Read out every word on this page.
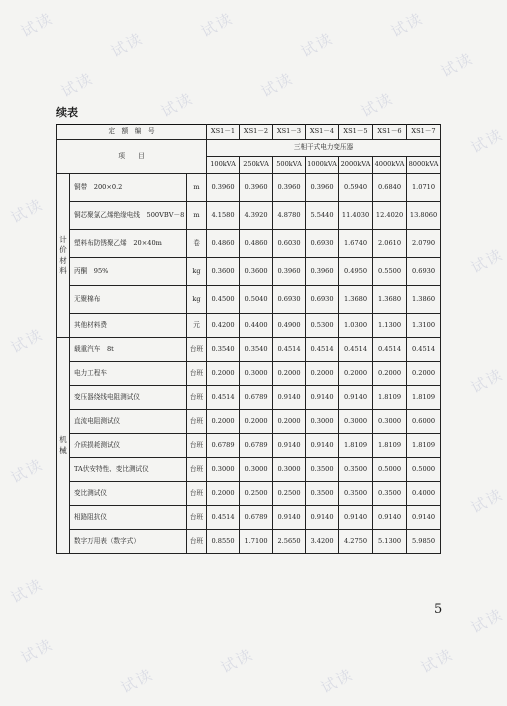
试读
试读
试读
试读
试读
试读
试读
试读
试读
试读
试读
试读
试读
试读
试读
试读
试读
试读
试读
试读
试读
试读
试读
试读
续表
定　额　编　号			XS1－1	XS1－2	XS1－3	XS1－4	XS1－5	XS1－6	XS1－7
项　　目			三相干式电力变压器						
			100kVA	250kVA	500kVA	1000kVA	2000kVA	4000kVA	8000kVA
计价材料	铜带　200×0.2	m	0.3960	0.3960	0.3960	0.3960	0.5940	0.6840	1.0710
	铜芯聚氯乙烯绝缘电线　500VBV－8	m	4.1580	4.3920	4.8780	5.5440	11.4030	12.4020	13.8060
	塑料布防锈聚乙烯　20×40m	卷	0.4860	0.4860	0.6030	0.6930	1.6740	2.0610	2.0790
	丙酮　95%	kg	0.3600	0.3600	0.3960	0.3960	0.4950	0.5500	0.6930
	无聚棉布	kg	0.4500	0.5040	0.6930	0.6930	1.3680	1.3680	1.3860
	其他材料费	元	0.4200	0.4400	0.4900	0.5300	1.0300	1.1300	1.3100
机械	载重汽车　8t	台班	0.3540	0.3540	0.4514	0.4514	0.4514	0.4514	0.4514
	电力工程车	台班	0.2000	0.3000	0.2000	0.2000	0.2000	0.2000	0.2000
	变压器绕线电阻测试仪	台班	0.4514	0.6789	0.9140	0.9140	0.9140	1.8109	1.8109
	直流电阻测试仪	台班	0.2000	0.2000	0.2000	0.3000	0.3000	0.3000	0.6000
	介质损耗测试仪	台班	0.6789	0.6789	0.9140	0.9140	1.8109	1.8109	1.8109
	TA伏安特性、变比测试仪	台班	0.3000	0.3000	0.3000	0.3500	0.3500	0.5000	0.5000
	变比测试仪	台班	0.2000	0.2500	0.2500	0.3500	0.3500	0.3500	0.4000
	相路阻抗仪	台班	0.4514	0.6789	0.9140	0.9140	0.9140	0.9140	0.9140
	数字万用表（数字式）	台班	0.8550	1.7100	2.5650	3.4200	4.2750	5.1300	5.9850
5
